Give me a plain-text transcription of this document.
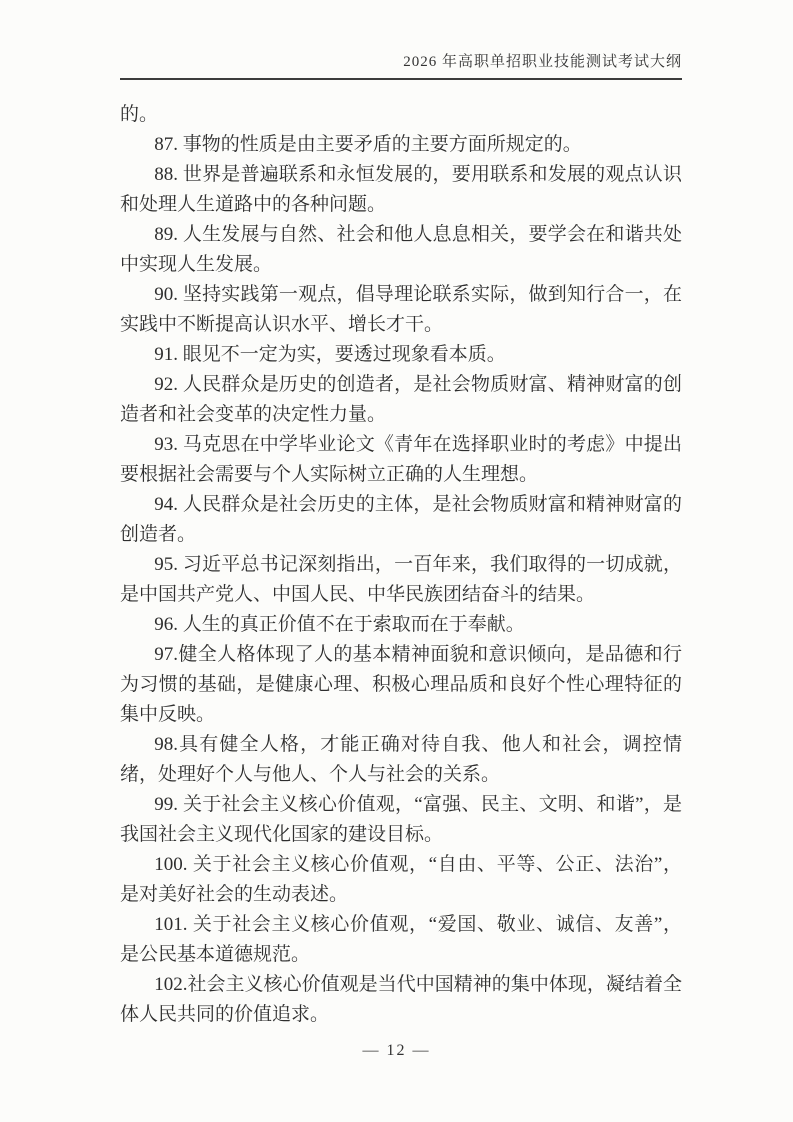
2026 年高职单招职业技能测试考试大纲

的。

87. 事物的性质是由主要矛盾的主要方面所规定的。

88. 世界是普遍联系和永恒发展的，要用联系和发展的观点认识和处理人生道路中的各种问题。

89. 人生发展与自然、社会和他人息息相关，要学会在和谐共处中实现人生发展。

90. 坚持实践第一观点，倡导理论联系实际，做到知行合一，在实践中不断提高认识水平、增长才干。

91. 眼见不一定为实，要透过现象看本质。

92. 人民群众是历史的创造者，是社会物质财富、精神财富的创造者和社会变革的决定性力量。

93. 马克思在中学毕业论文《青年在选择职业时的考虑》中提出要根据社会需要与个人实际树立正确的人生理想。

94. 人民群众是社会历史的主体，是社会物质财富和精神财富的创造者。

95. 习近平总书记深刻指出，一百年来，我们取得的一切成就，是中国共产党人、中国人民、中华民族团结奋斗的结果。

96. 人生的真正价值不在于索取而在于奉献。

97.健全人格体现了人的基本精神面貌和意识倾向，是品德和行为习惯的基础，是健康心理、积极心理品质和良好个性心理特征的集中反映。

98.具有健全人格，才能正确对待自我、他人和社会，调控情绪，处理好个人与他人、个人与社会的关系。

99. 关于社会主义核心价值观，“富强、民主、文明、和谐”，是我国社会主义现代化国家的建设目标。

100. 关于社会主义核心价值观，“自由、平等、公正、法治”，是对美好社会的生动表述。

101. 关于社会主义核心价值观，“爱国、敬业、诚信、友善”，是公民基本道德规范。

102.社会主义核心价值观是当代中国精神的集中体现，凝结着全体人民共同的价值追求。

— 12 —
